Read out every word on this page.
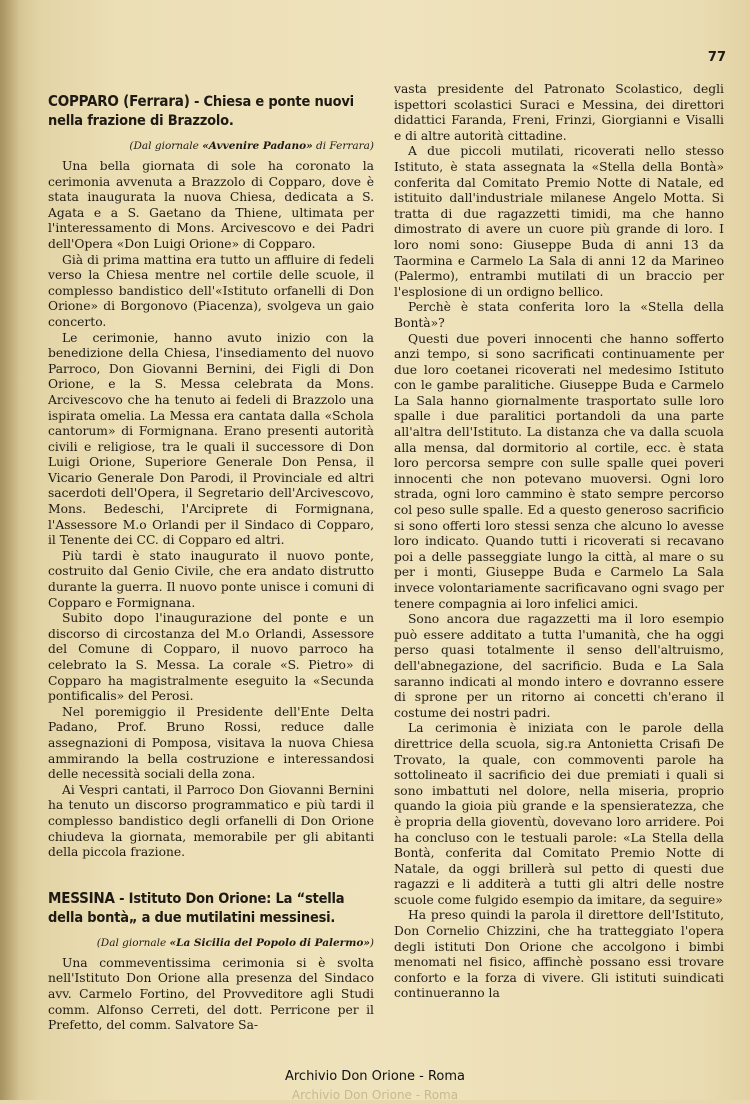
77
COPPARO (Ferrara) - Chiesa e ponte nuovi nella frazione di Brazzolo.
(Dal giornale «Avvenire Padano» di Ferrara)

Una bella giornata di sole ha coronato la cerimonia avvenuta a Brazzolo di Copparo, dove è stata inaugurata la nuova Chiesa, dedicata a S. Agata e a S. Gaetano da Thiene, ultimata per l'interessamento di Mons. Arcivescovo e dei Padri dell'Opera «Don Luigi Orione» di Copparo.

Già di prima mattina era tutto un affluire di fedeli verso la Chiesa mentre nel cortile delle scuole, il complesso bandistico dell'«Istituto orfanelli di Don Orione» di Borgonovo (Piacenza), svolgeva un gaio concerto.

Le cerimonie, hanno avuto inizio con la benedizione della Chiesa, l'insediamento del nuovo Parroco, Don Giovanni Bernini, dei Figli di Don Orione, e la S. Messa celebrata da Mons. Arcivescovo che ha tenuto ai fedeli di Brazzolo una ispirata omelia. La Messa era cantata dalla «Schola cantorum» di Formignana. Erano presenti autorità civili e religiose, tra le quali il successore di Don Luigi Orione, Superiore Generale Don Pensa, il Vicario Generale Don Parodi, il Provinciale ed altri sacerdoti dell'Opera, il Segretario dell'Arcivescovo, Mons. Bedeschi, l'Arciprete di Formignana, l'Assessore M.o Orlandi per il Sindaco di Copparo, il Tenente dei CC. di Copparo ed altri.

Più tardi è stato inaugurato il nuovo ponte, costruito dal Genio Civile, che era andato distrutto durante la guerra. Il nuovo ponte unisce i comuni di Copparo e Formignana.

Subito dopo l'inaugurazione del ponte e un discorso di circostanza del M.o Orlandi, Assessore del Comune di Copparo, il nuovo parroco ha celebrato la S. Messa. La corale «S. Pietro» di Copparo ha magistralmente eseguito la «Secunda pontificalis» del Perosi.

Nel poremiggio il Presidente dell'Ente Delta Padano, Prof. Bruno Rossi, reduce dalle assegnazioni di Pomposa, visitava la nuova Chiesa ammirando la bella costruzione e interessandosi delle necessità sociali della zona.

Ai Vespri cantati, il Parroco Don Giovanni Bernini ha tenuto un discorso programmatico e più tardi il complesso bandistico degli orfanelli di Don Orione chiudeva la giornata, memorabile per gli abitanti della piccola frazione.

MESSINA - Istituto Don Orione: La “stella della bontà„ a due mutilatini messinesi.
(Dal giornale «La Sicilia del Popolo di Palermo»)

Una commeventissima cerimonia si è svolta nell'Istituto Don Orione alla presenza del Sindaco avv. Carmelo Fortino, del Provveditore agli Studi comm. Alfonso Cerreti, del dott. Perricone per il Prefetto, del comm. Salvatore Sa-

vasta presidente del Patronato Scolastico, degli ispettori scolastici Suraci e Messina, dei direttori didattici Faranda, Freni, Frinzi, Giorgianni e Visalli e di altre autorità cittadine.

A due piccoli mutilati, ricoverati nello stesso Istituto, è stata assegnata la «Stella della Bontà» conferita dal Comitato Premio Notte di Natale, ed istituito dall'industriale milanese Angelo Motta. Si tratta di due ragazzetti timidi, ma che hanno dimostrato di avere un cuore più grande di loro. I loro nomi sono: Giuseppe Buda di anni 13 da Taormina e Carmelo La Sala di anni 12 da Marineo (Palermo), entrambi mutilati di un braccio per l'esplosione di un ordigno bellico.

Perchè è stata conferita loro la «Stella della Bontà»?

Questi due poveri innocenti che hanno sofferto anzi tempo, si sono sacrificati continuamente per due loro coetanei ricoverati nel medesimo Istituto con le gambe paralitiche. Giuseppe Buda e Carmelo La Sala hanno giornalmente trasportato sulle loro spalle i due paralitici portandoli da una parte all'altra dell'Istituto. La distanza che va dalla scuola alla mensa, dal dormitorio al cortile, ecc. è stata loro percorsa sempre con sulle spalle quei poveri innocenti che non potevano muoversi. Ogni loro strada, ogni loro cammino è stato sempre percorso col peso sulle spalle. Ed a questo generoso sacrificio si sono offerti loro stessi senza che alcuno lo avesse loro indicato. Quando tutti i ricoverati si recavano poi a delle passeggiate lungo la città, al mare o su per i monti, Giuseppe Buda e Carmelo La Sala invece volontariamente sacrificavano ogni svago per tenere compagnia ai loro infelici amici.

Sono ancora due ragazzetti ma il loro esempio può essere additato a tutta l'umanità, che ha oggi perso quasi totalmente il senso dell'altruismo, dell'abnegazione, del sacrificio. Buda e La Sala saranno indicati al mondo intero e dovranno essere di sprone per un ritorno ai concetti ch'erano il costume dei nostri padri.

La cerimonia è iniziata con le parole della direttrice della scuola, sig.ra Antonietta Crisafi De Trovato, la quale, con commoventi parole ha sottolineato il sacrificio dei due premiati i quali si sono imbattuti nel dolore, nella miseria, proprio quando la gioia più grande e la spensieratezza, che è propria della gioventù, dovevano loro arridere. Poi ha concluso con le testuali parole: «La Stella della Bontà, conferita dal Comitato Premio Notte di Natale, da oggi brillerà sul petto di questi due ragazzi e li additerà a tutti gli altri delle nostre scuole come fulgido esempio da imitare, da seguire»

Ha preso quindi la parola il direttore dell'Istituto, Don Cornelio Chizzini, che ha tratteggiato l'opera degli istituti Don Orione che accolgono i bimbi menomati nel fisico, affinchè possano essi trovare conforto e la forza di vivere. Gli istituti suindicati continueranno la

Archivio Don Orione - Roma
Archivio Don Orione - Roma
